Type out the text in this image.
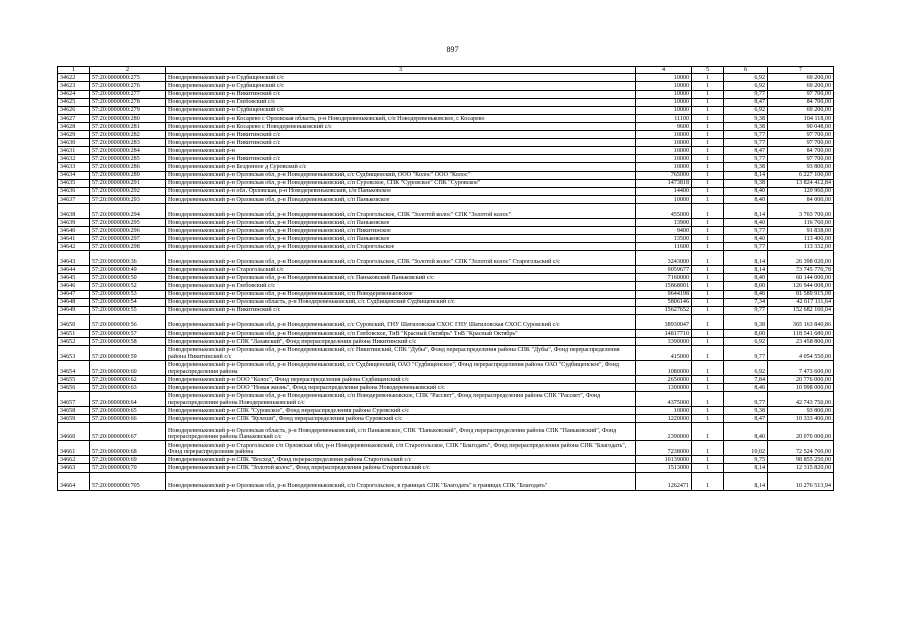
897
1	2	3	4	5	6	7
34622	57:20:0000000:275	Новодеревеньковский р-н Судбищенский с/с	10000	1	6,92	69 200,00
34623	57:20:0000000:276	Новодеревеньковский р-н Судбищенский с/с	10000	1	6,92	69 200,00
34624	57:20:0000000:277	Новодеревеньковский р-н Никитинский с/с	10000	1	9,77	97 700,00
34625	57:20:0000000:278	Новодеревеньковский р-н Глебовский с/с	10000	1	8,47	84 700,00
34626	57:20:0000000:279	Новодеревеньковский р-н Судбищенский с/с	10000	1	6,92	69 200,00
34627	57:20:0000000:280	Новодеревеньковский р-н Косарево с Орловская область, р-н Новодеревеньковский, с/п Новодеревеньковское, с Косарево	11100	1	9,38	104 118,00
34628	57:20:0000000:281	Новодеревеньковский р-н Косарево с Новодеревеньковский с/с	9600	1	9,38	90 048,00
34629	57:20:0000000:282	Новодеревеньковский р-н Никитинский с/с	10000	1	9,77	97 700,00
34630	57:20:0000000:283	Новодеревеньковский р-н Никитинский с/с	10000	1	9,77	97 700,00
34631	57:20:0000000:284	Новодеревеньковский р-н	10000	1	8,47	84 700,00
34632	57:20:0000000:285	Новодеревеньковский р-н Никитинский с/с	10000	1	9,77	97 700,00
34633	57:20:0000000:286	Новодеревеньковский р-н Бездонное д Суровский с/с	10000	1	9,38	93 800,00
34634	57:20:0000000:289	Новодеревеньковский р-н Орловская обл, р-н Новодеревеньковский, с/с Судбищенский, ООО "Колос" ООО "Колос"	765000	1	8,14	6 227 100,00
34635	57:20:0000000:291	Новодеревеньковский р-н Орловская обл, р-н Новодеревеньковский, с/п Суровское, СПК "Суровское" СПК "Суровское"	1473818	1	9,38	13 824 412,84
34636	57:20:0000000:292	Новодеревеньковский р-н обл. Орловская, р-н Новодеревеньковский, с/п Паньковское	14400	1	8,40	120 960,00
34637	57:20:0000000:293	Новодеревеньковский р-н Орловская обл, р-н Новодеревеньковский, с/п Паньковское	10000	1	8,40	84 000,00
34638	57:20:0000000:294	Новодеревеньковский р-н Орловская обл, р-н Новодеревеньковский, с/п Старогольское, СПК "Золотой колос" СПК "Золотой колос"	455000	1	8,14	3 703 700,00
34639	57:20:0000000:295	Новодеревеньковский р-н Орловская обл, р-н Новодеревеньковский, с/п Паньковское	13900	1	8,40	116 760,00
34640	57:20:0000000:296	Новодеревеньковский р-н Орловская обл, р-н Новодеревеньковский, с/п Никитинское	9400	1	9,77	91 838,00
34641	57:20:0000000:297	Новодеревеньковский р-н Орловская обл, р-н Новодеревеньковский, с/п Паньковское	13500	1	8,40	113 400,00
34642	57:20:0000000:298	Новодеревеньковский р-н Орловская обл, р-н Новодеревеньковский, с/п Старогольское	11600	1	9,77	113 332,00
34643	57:20:0000000:36	Новодеревеньковский р-н Орловская обл, р-н Новодеревеньковский, с/п Старогольское, СПК "Золотой колос" СПК "Золотой колос" Старогольский с/с	3243000	1	8,14	26 398 020,00
34644	57:20:0000000:49	Новодеревеньковский р-н Старогольский с/с	9059677	1	8,14	73 745 770,78
34645	57:20:0000000:50	Новодеревеньковский р-н Орловская обл, р-н Новодеревеньковский, с/с Паньковский Паньковский с/с	7160000	1	8,40	60 144 000,00
34646	57:20:0000000:52	Новодеревеньковский р-н Глебовский с/с	15868001	1	8,00	126 944 008,00
34647	57:20:0000000:53	Новодеревеньковский р-н Орловская обл, р-н Новодеревеньковский, с/п Новодеревеньковское	9644198	1	8,46	81 589 915,08
34648	57:20:0000000:54	Новодеревеньковский р-н Орловская область, р-н Новодеревеньковский, с/с Судбищенский Судбищенский с/с	5806146	1	7,34	42 617 111,64
34649	57:20:0000000:55	Новодеревеньковский р-н Никитинский с/с	15627652	1	9,77	152 682 160,04
34650	57:20:0000000:56	Новодеревеньковский р-н Орловская обл, р-н Новодеревеньковский, с/с Суровский, ГНУ Шатиловская СХОС ГНУ Шатиловская СХОС Суровский с/с	38930047	1	9,38	365 163 840,86
34651	57:20:0000000:57	Новодеревеньковский р-н Орловская обл, р-н Новодеревеньковский, с/п Глебовское, ТнВ "Красный Октябрь" ТнВ "Красный Октябрь"	14817710	1	8,00	118 541 680,00
34652	57:20:0000000:58	Новодеревеньковский р-н СПК "Лазавский", Фонд перераспределения района Никитинский с/с	3390000	1	6,92	23 458 800,00
34653	57:20:0000000:59	Новодеревеньковский р-н Орловская обл, р-н Новодеревеньковский, с/с Никитинский, СПК "Дубы", Фонд перераспределения района СПК "Дубы", Фонд перераспределения района Никитинский с/с	415000	1	9,77	4 054 550,00
34654	57:20:0000000:60	Новодеревеньковский р-н Орловская обл, р-н Новодеревеньковский, с/с Судбищенский, ОАО "Судбищенское", Фонд перераспределения района ОАО "Судбищенское", Фонд перераспределения района	1080000	1	6,92	7 473 600,00
34655	57:20:0000000:62	Новодеревеньковский р-н ООО "Колос", Фонд перераспределения района Судбищенский с/с	2650000	1	7,84	20 776 000,00
34656	57:20:0000000:63	Новодеревеньковский р-н ООО "Новая жизнь", Фонд перераспределения района Новодеревеньковский с/с	1300000	1	8,46	10 998 000,00
34657	57:20:0000000:64	Новодеревеньковский р-н Орловская обл, р-н Новодеревеньковский, с/п Новодеревеньковское, СПК "Рассвет", Фонд перераспределения района СПК "Рассвет", Фонд перераспределения района Новодеревеньковский с/с	4375000	1	9,77	42 743 750,00
34658	57:20:0000000:65	Новодеревеньковский р-н СПК "Суровское", Фонд перераспределения района Суровский с/с	10000	1	9,38	93 800,00
34659	57:20:0000000:66	Новодеревеньковский р-н СПК "Кулеши", Фонд перераспределения района Суровский с/с	1220000	1	8,47	10 333 400,00
34660	57:20:0000000:67	Новодеревеньковский р-н Орловская область, р-н Новодеревеньковский, с/п Паньковское, СПК "Паньковский", Фонд перераспределения района СПК "Паньковский", Фонд перераспределения района Паньковский с/с	2390000	1	8,40	20 076 000,00
34661	57:20:0000000:68	Новодеревеньковский р-н Старогольское с/п Орловская обл, р-н Новодеревеньковский, с/п Старогольское, СПК "Благодать", Фонд перераспределения района СПК "Благодать", Фонд перераспределения района	7238000	1	10,02	72 524 760,00
34662	57:20:0000000:69	Новодеревеньковский р-н СПК "Восход", Фонд перераспределения района Старогольский с/с	10139000	1	9,75	98 855 250,00
34663	57:20:0000000:70	Новодеревеньковский р-н СПК "Золотой колос", Фонд перераспределения района Старогольский с/с	1513000	1	8,14	12 315 820,00
34664	57:20:0000000:705	Новодеревеньковский р-н Орловская обл, р-н Новодеревеньковский, с/п Старогольское, в границах СПК "Благодать" в границах СПК "Благодать"	1262471	1	8,14	10 276 513,94
